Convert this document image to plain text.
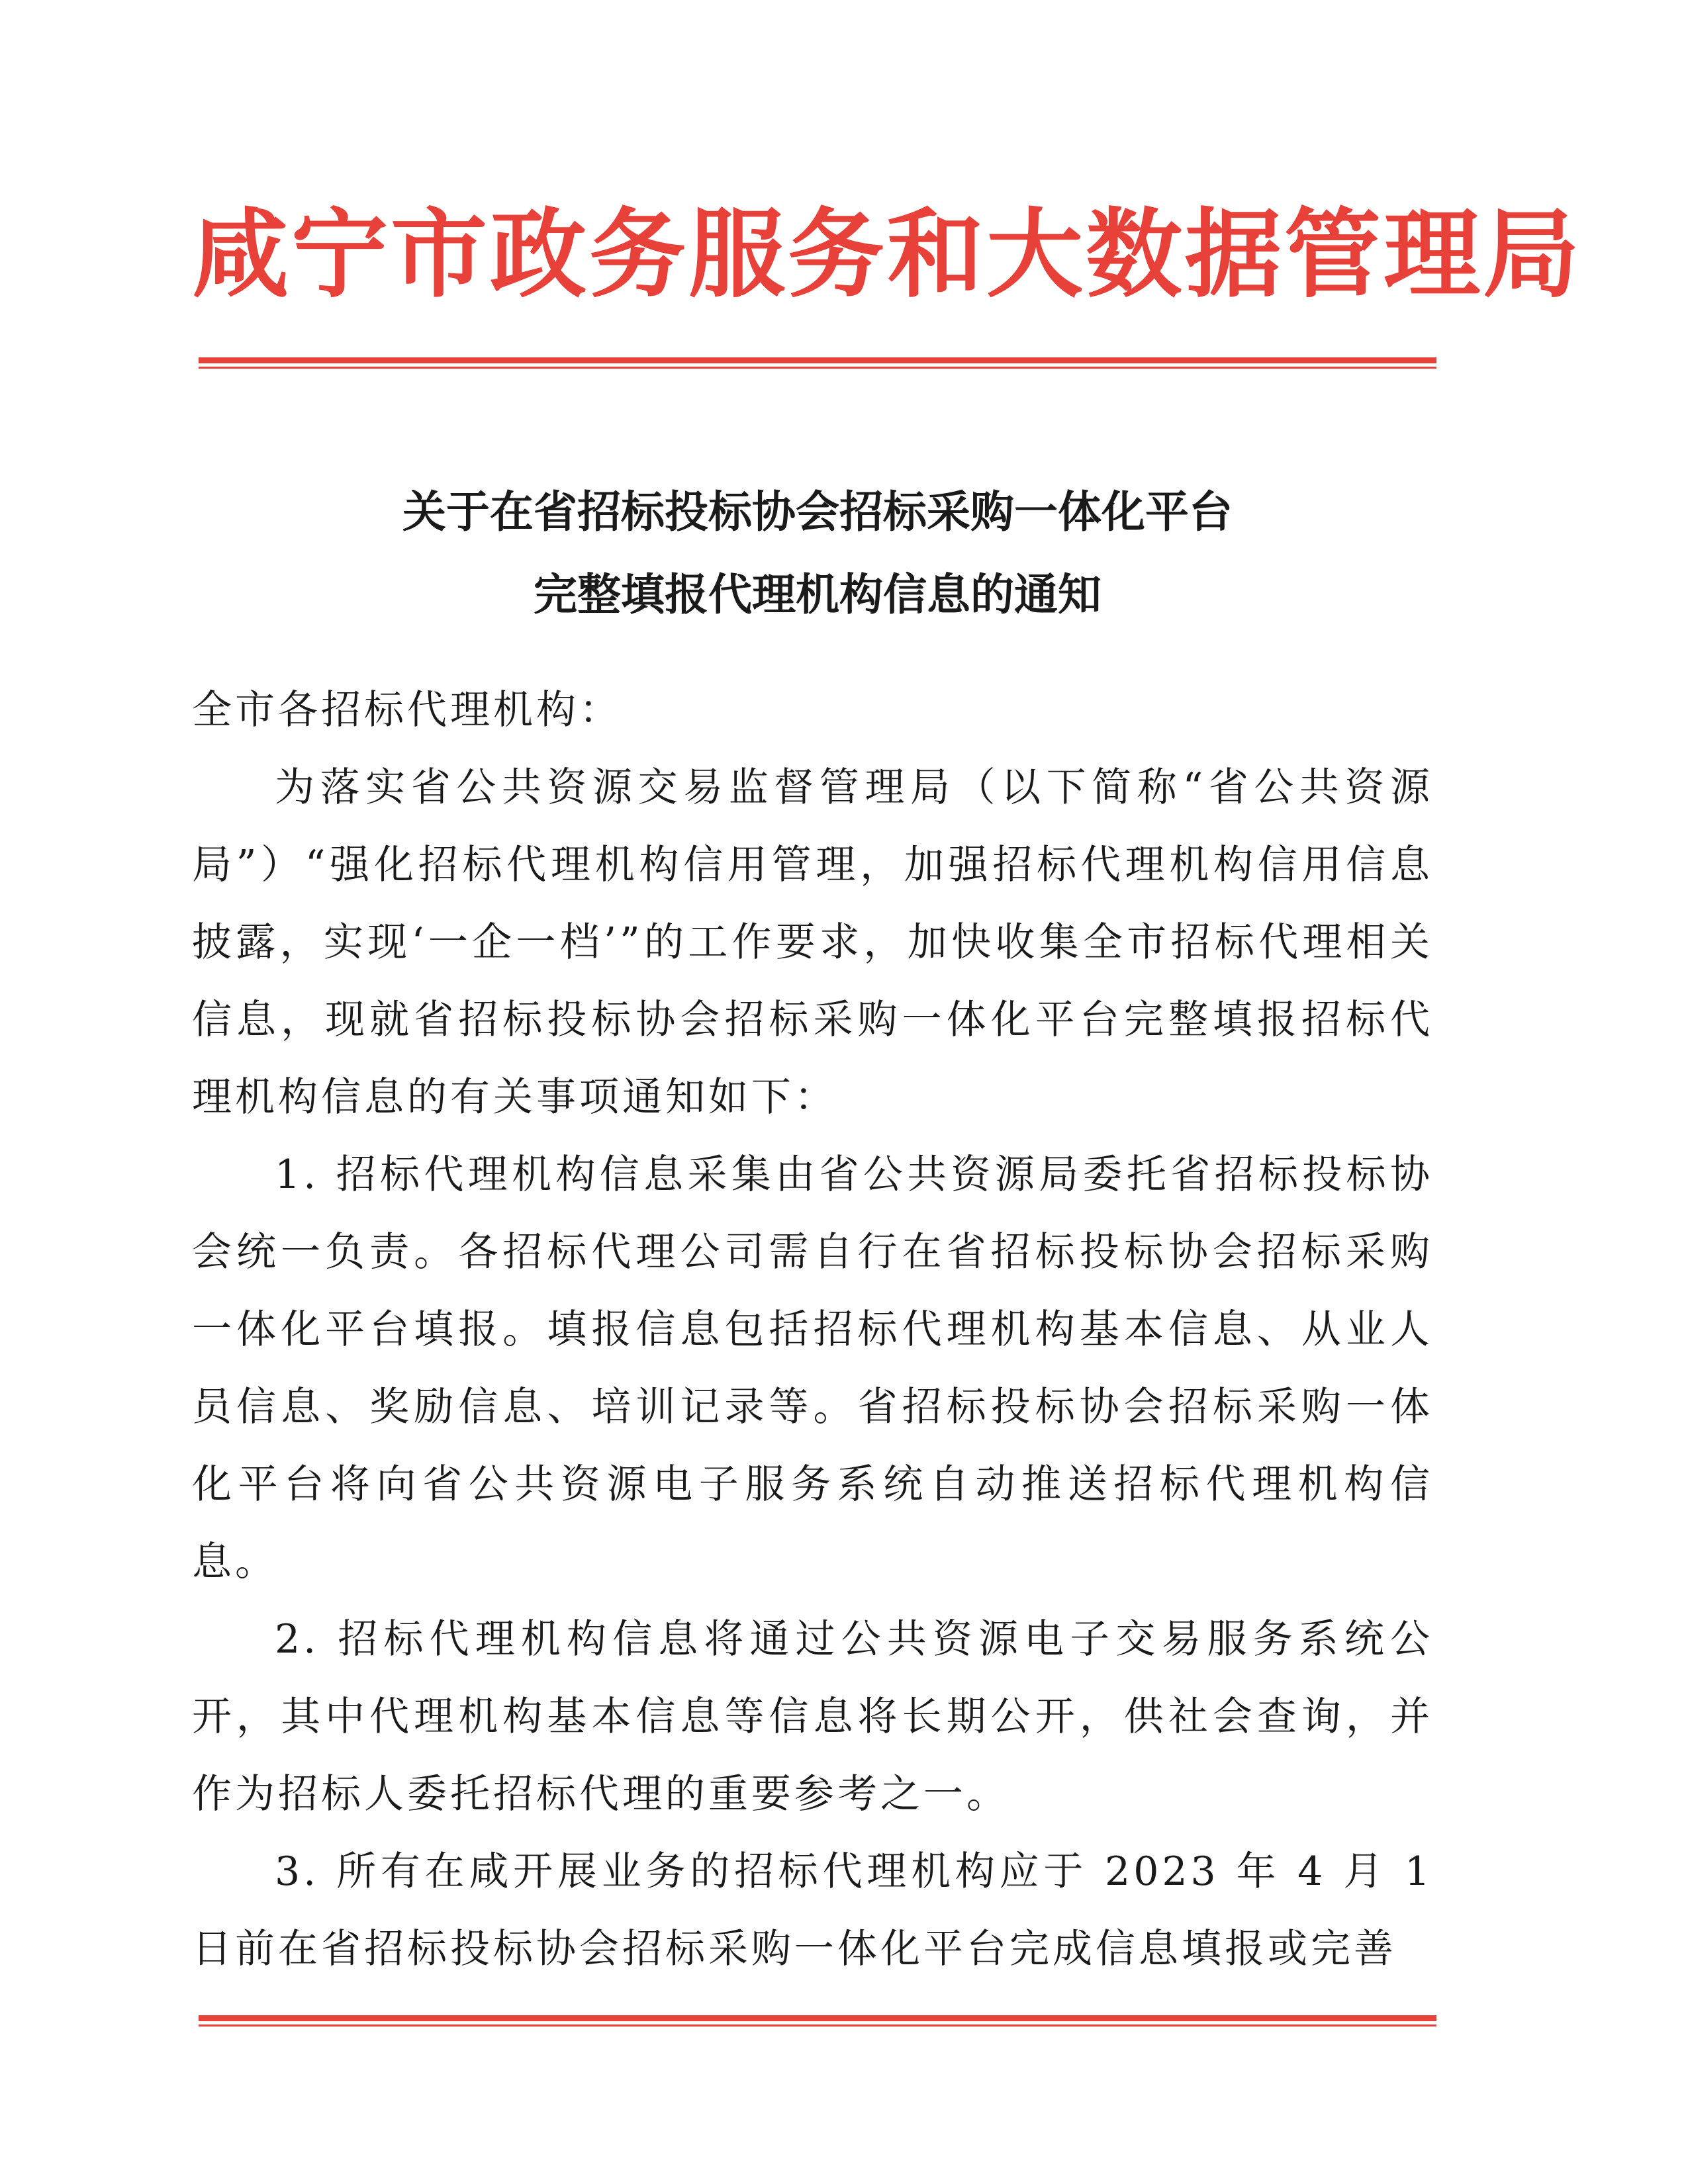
咸宁市政务服务和大数据管理局
关于在省招标投标协会招标采购一体化平台
完整填报代理机构信息的通知

全市各招标代理机构：

为落实省公共资源交易监督管理局（以下简称“省公共资源局”）“强化招标代理机构信用管理，加强招标代理机构信用信息披露，实现‘一企一档’”的工作要求，加快收集全市招标代理相关信息，现就省招标投标协会招标采购一体化平台完整填报招标代理机构信息的有关事项通知如下：

1. 招标代理机构信息采集由省公共资源局委托省招标投标协会统一负责。各招标代理公司需自行在省招标投标协会招标采购一体化平台填报。填报信息包括招标代理机构基本信息、从业人员信息、奖励信息、培训记录等。省招标投标协会招标采购一体化平台将向省公共资源电子服务系统自动推送招标代理机构信息。

2. 招标代理机构信息将通过公共资源电子交易服务系统公开，其中代理机构基本信息等信息将长期公开，供社会查询，并作为招标人委托招标代理的重要参考之一。

3. 所有在咸开展业务的招标代理机构应于 2023 年 4 月 1 日前在省招标投标协会招标采购一体化平台完成信息填报或完善
